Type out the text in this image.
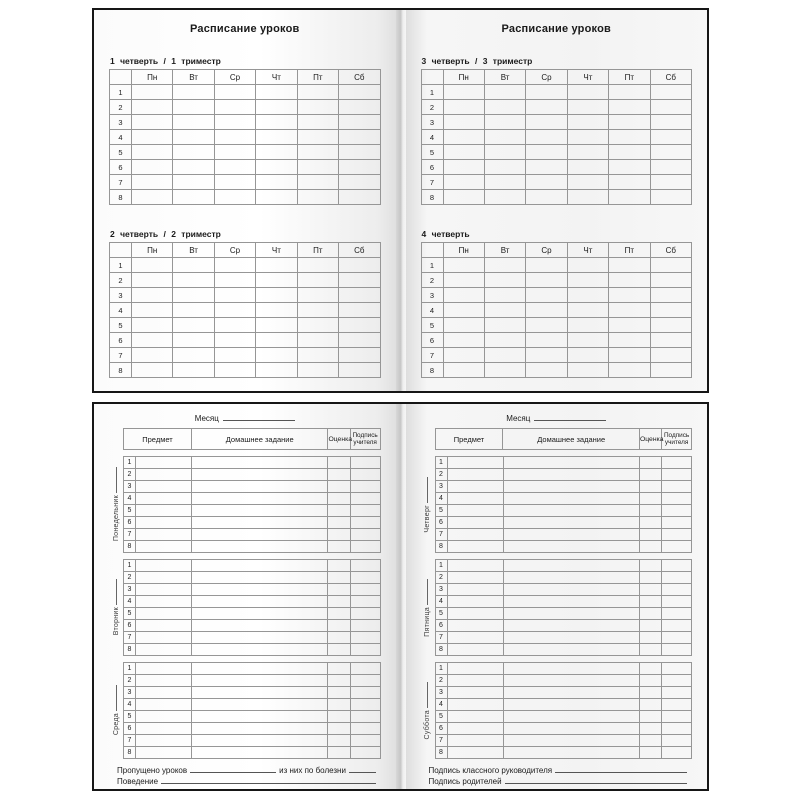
Расписание уроков
1 четверть / 1 триместр
	Пн	Вт	Ср	Чт	Пт	Сб
1						
2						
3						
4						
5						
6						
7						
8						
2 четверть / 2 триместр
	Пн	Вт	Ср	Чт	Пт	Сб
1						
2						
3						
4						
5						
6						
7						
8						
Расписание уроков
3 четверть / 3 триместр
	Пн	Вт	Ср	Чт	Пт	Сб
1						
2						
3						
4						
5						
6						
7						
8						
4 четверть
	Пн	Вт	Ср	Чт	Пт	Сб
1						
2						
3						
4						
5						
6						
7						
8						
Месяц
Предмет	Домашнее задание	Оценка	Подпись учителя
Понедельник
1				
2				
3				
4				
5				
6				
7				
8				
Вторник
1				
2				
3				
4				
5				
6				
7				
8				
Среда
1				
2				
3				
4				
5				
6				
7				
8				
Пропущено уроков	из них по болезни
Поведение
Месяц
Предмет	Домашнее задание	Оценка	Подпись учителя
Четверг
1				
2				
3				
4				
5				
6				
7				
8				
Пятница
1				
2				
3				
4				
5				
6				
7				
8				
Суббота
1				
2				
3				
4				
5				
6				
7				
8				
Подпись классного руководителя
Подпись родителей
